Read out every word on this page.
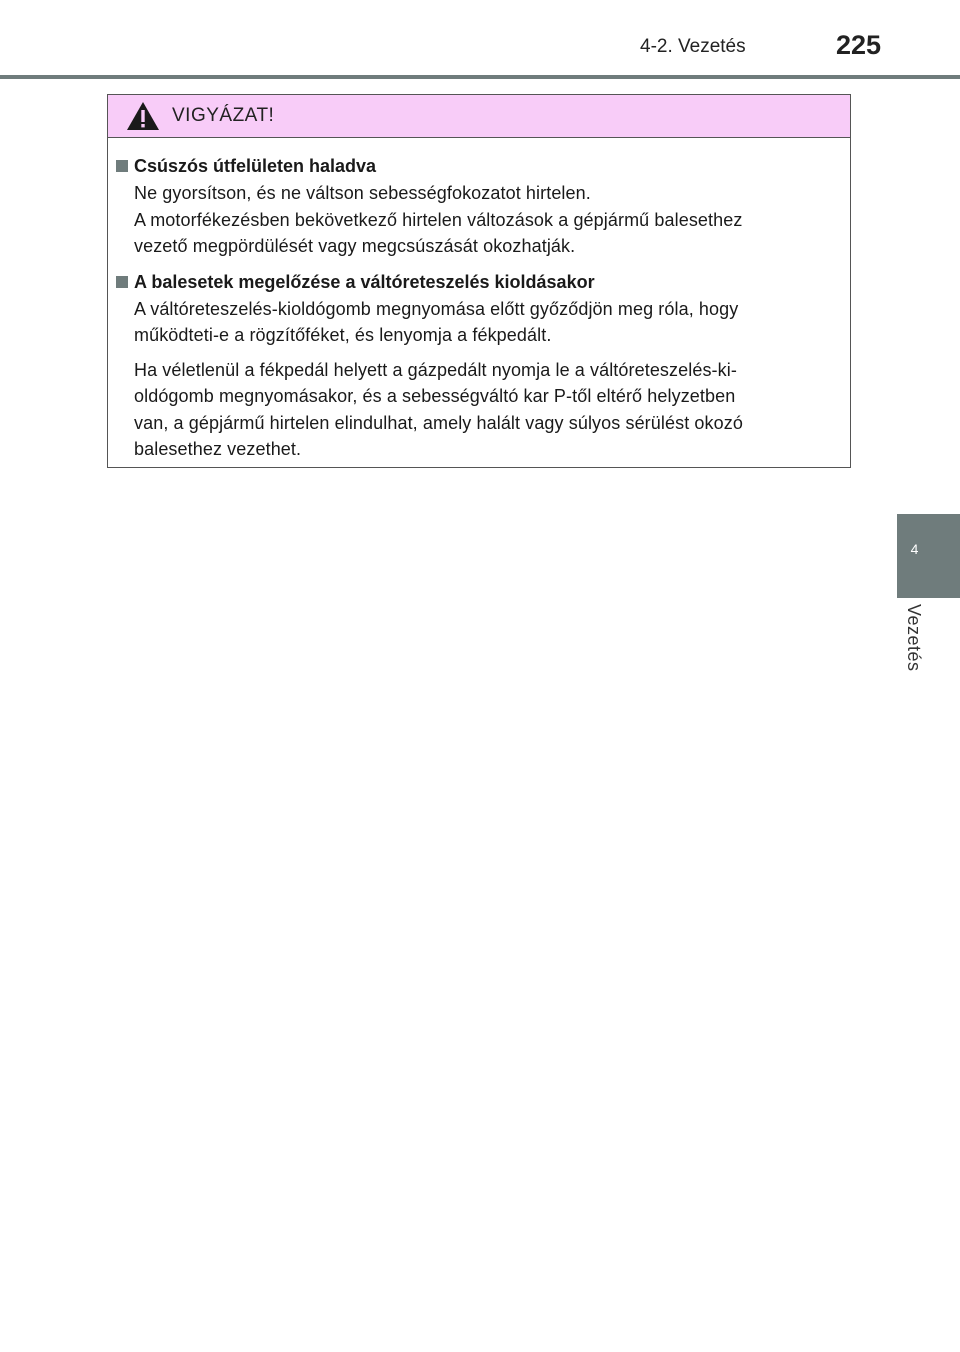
4-2. Vezetés	225
4
Vezetés
VIGYÁZAT!
Csúszós útfelületen haladva
Ne gyorsítson, és ne váltson sebességfokozatot hirtelen.
A motorfékezésben bekövetkező hirtelen változások a gépjármű balesethez
vezető megpördülését vagy megcsúszását okozhatják.
A balesetek megelőzése a váltóreteszelés kioldásakor
A váltóreteszelés-kioldógomb megnyomása előtt győződjön meg róla, hogy
működteti-e a rögzítőféket, és lenyomja a fékpedált.
Ha véletlenül a fékpedál helyett a gázpedált nyomja le a váltóreteszelés-ki-
oldógomb megnyomásakor, és a sebességváltó kar P-től eltérő helyzetben
van, a gépjármű hirtelen elindulhat, amely halált vagy súlyos sérülést okozó
balesethez vezethet.
